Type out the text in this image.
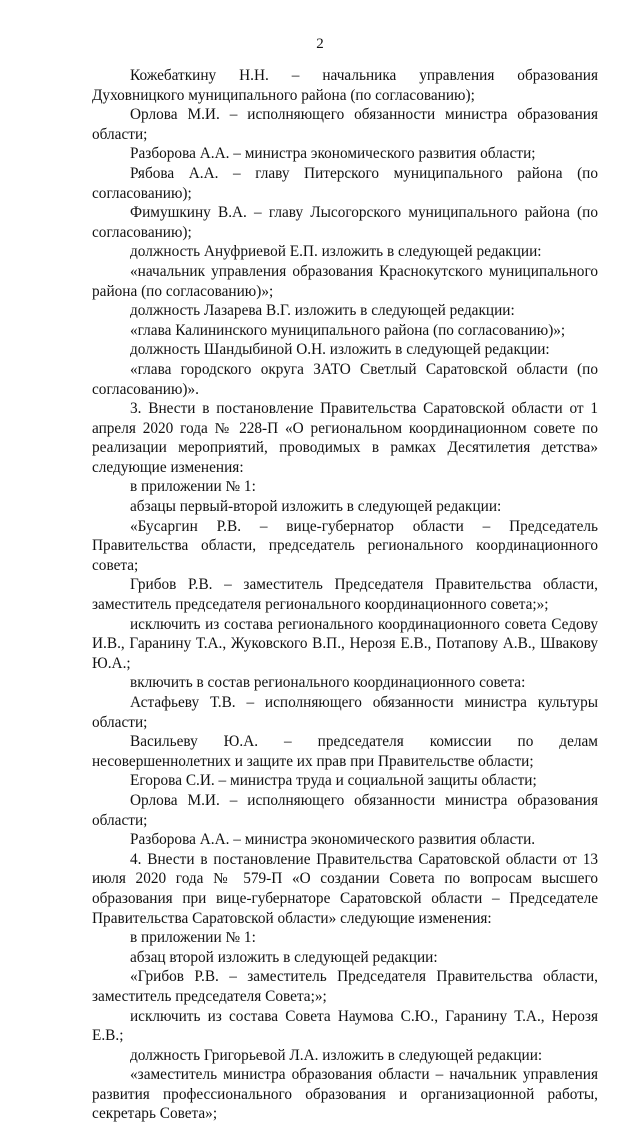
2

Кожебаткину Н.Н. – начальника управления образования Духовницкого муниципального района (по согласованию);

Орлова М.И. – исполняющего обязанности министра образования области;

Разборова А.А. – министра экономического развития области;

Рябова А.А. – главу Питерского муниципального района (по согласованию);

Фимушкину В.А. – главу Лысогорского муниципального района (по согласованию);

должность Ануфриевой Е.П. изложить в следующей редакции:

«начальник управления образования Краснокутского муниципального района (по согласованию)»;

должность Лазарева В.Г. изложить в следующей редакции:

«глава Калининского муниципального района (по согласованию)»;

должность Шандыбиной О.Н. изложить в следующей редакции:

«глава городского округа ЗАТО Светлый Саратовской области (по согласованию)».

3. Внести в постановление Правительства Саратовской области от 1 апреля 2020 года № 228-П «О региональном координационном совете по реализации мероприятий, проводимых в рамках Десятилетия детства» следующие изменения:

в приложении № 1:

абзацы первый-второй изложить в следующей редакции:

«Бусаргин Р.В. – вице-губернатор области – Председатель Правительства области, председатель регионального координационного совета;

Грибов Р.В. – заместитель Председателя Правительства области, заместитель председателя регионального координационного совета;»;

исключить из состава регионального координационного совета Седову И.В., Гаранину Т.А., Жуковского В.П., Нерозя Е.В., Потапову А.В., Швакову Ю.А.;

включить в состав регионального координационного совета:

Астафьеву Т.В. – исполняющего обязанности министра культуры области;

Васильеву Ю.А. – председателя комиссии по делам несовершеннолетних и защите их прав при Правительстве области;

Егорова С.И. – министра труда и социальной защиты области;

Орлова М.И. – исполняющего обязанности министра образования области;

Разборова А.А. – министра экономического развития области.

4. Внести в постановление Правительства Саратовской области от 13 июля 2020 года № 579-П «О создании Совета по вопросам высшего образования при вице-губернаторе Саратовской области – Председателе Правительства Саратовской области» следующие изменения:

в приложении № 1:

абзац второй изложить в следующей редакции:

«Грибов Р.В. – заместитель Председателя Правительства области, заместитель председателя Совета;»;

исключить из состава Совета Наумова С.Ю., Гаранину Т.А., Нерозя Е.В.;

должность Григорьевой Л.А. изложить в следующей редакции:

«заместитель министра образования области – начальник управления развития профессионального образования и организационной работы, секретарь Совета»;
